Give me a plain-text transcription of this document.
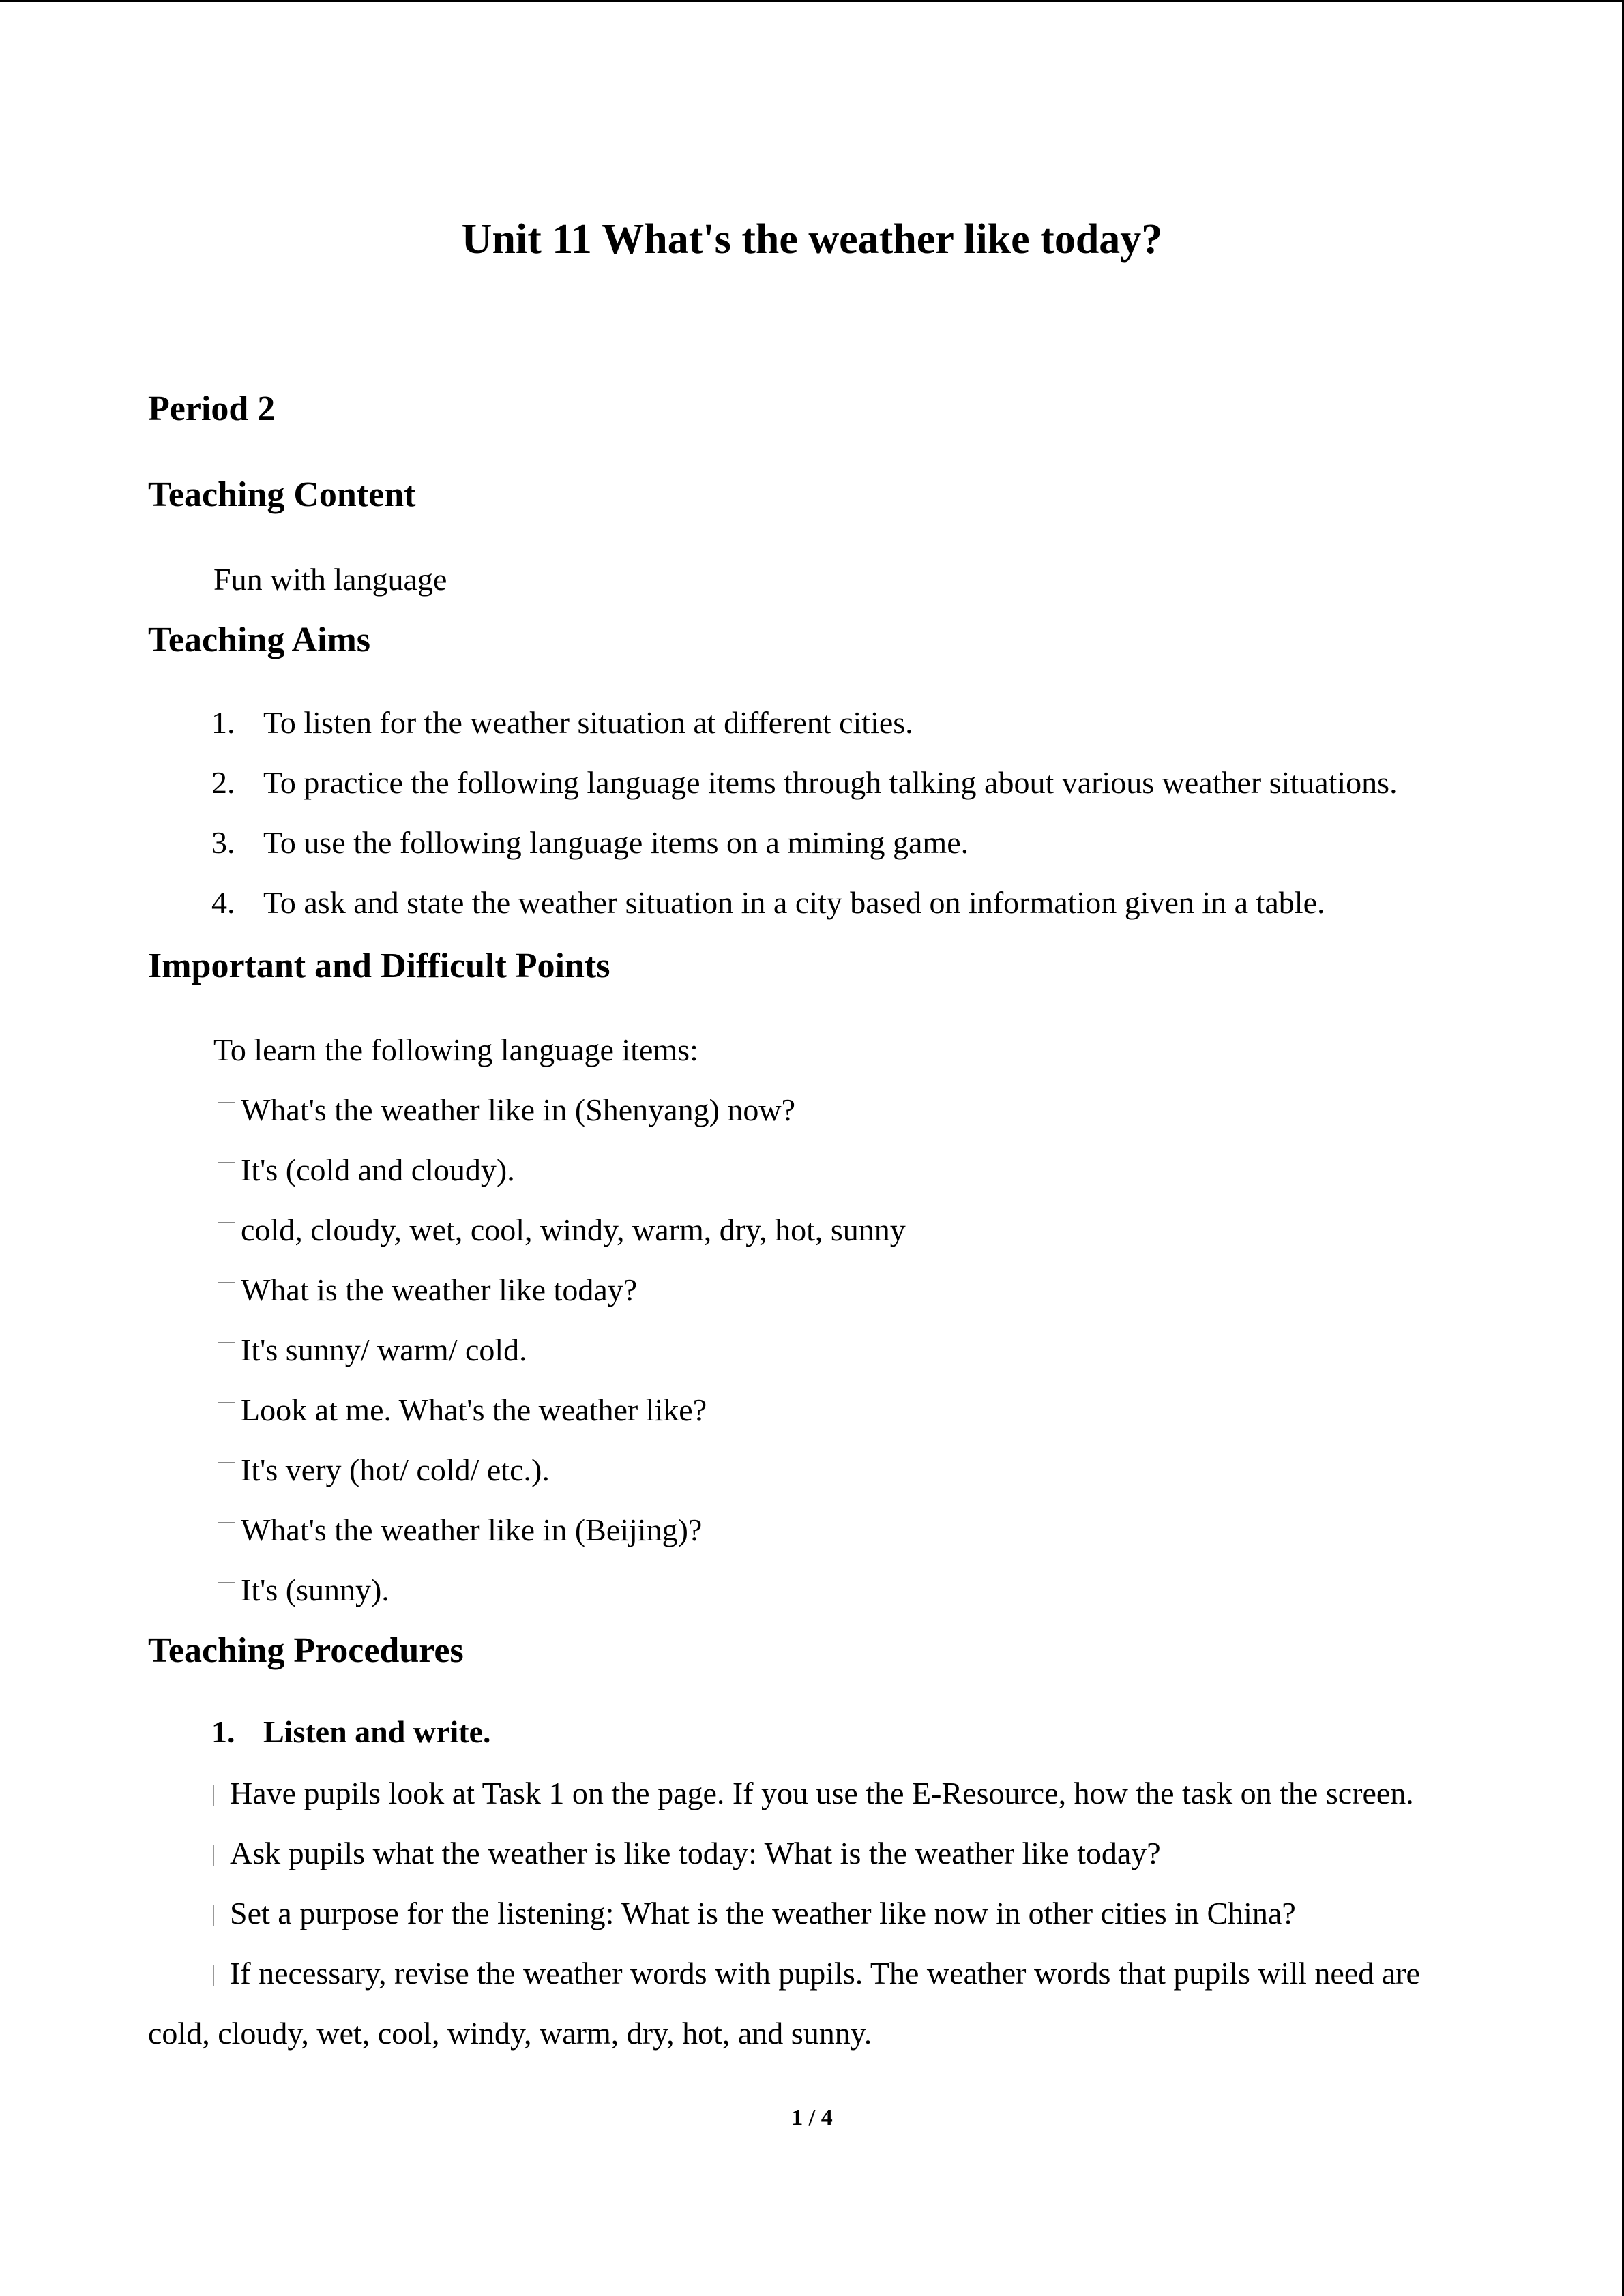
Unit 11 What's the weather like today?
Period 2
Teaching Content
Fun with language
Teaching Aims
1. To listen for the weather situation at different cities.
2. To practice the following language items through talking about various weather situations.
3. To use the following language items on a miming game.
4. To ask and state the weather situation in a city based on information given in a table.
Important and Difficult Points
To learn the following language items:
What's the weather like in (Shenyang) now?
It's (cold and cloudy).
cold, cloudy, wet, cool, windy, warm, dry, hot, sunny
What is the weather like today?
It's sunny/ warm/ cold.
Look at me. What's the weather like?
It's very (hot/ cold/ etc.).
What's the weather like in (Beijing)?
It's (sunny).
Teaching Procedures
1. Listen and write.
Have pupils look at Task 1 on the page. If you use the E-Resource, how the task on the screen.
Ask pupils what the weather is like today: What is the weather like today?
Set a purpose for the listening: What is the weather like now in other cities in China?
If necessary, revise the weather words with pupils. The weather words that pupils will need are
cold, cloudy, wet, cool, windy, warm, dry, hot, and sunny.
1 / 4
